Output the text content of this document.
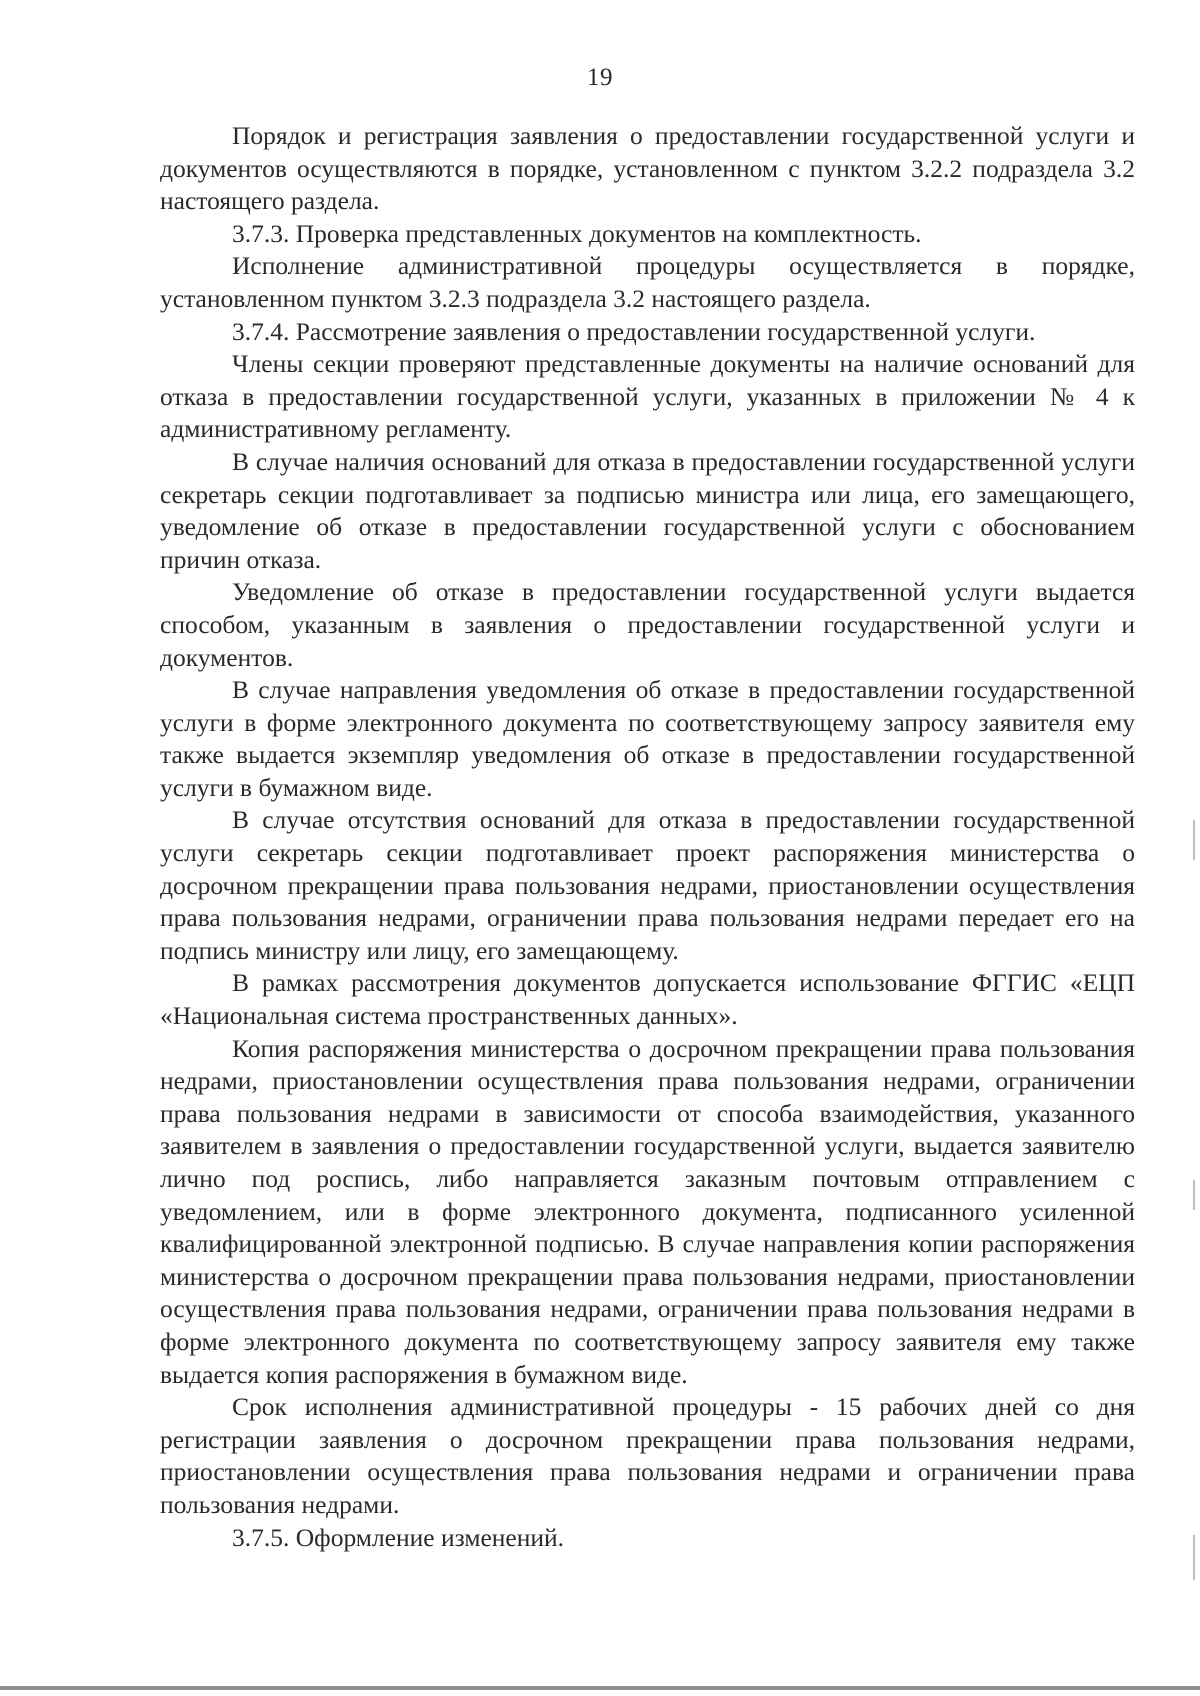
19

Порядок и регистрация заявления о предоставлении государственной услуги и документов осуществляются в порядке, установленном с пунктом 3.2.2 подраздела 3.2 настоящего раздела.

3.7.3. Проверка представленных документов на комплектность.

Исполнение административной процедуры осуществляется в порядке, установленном пунктом 3.2.3 подраздела 3.2 настоящего раздела.

3.7.4. Рассмотрение заявления о предоставлении государственной услуги.

Члены секции проверяют представленные документы на наличие оснований для отказа в предоставлении государственной услуги, указанных в приложении № 4 к административному регламенту.

В случае наличия оснований для отказа в предоставлении государственной услуги секретарь секции подготавливает за подписью министра или лица, его замещающего, уведомление об отказе в предоставлении государственной услуги с обоснованием причин отказа.

Уведомление об отказе в предоставлении государственной услуги выдается способом, указанным в заявления о предоставлении государственной услуги и документов.

В случае направления уведомления об отказе в предоставлении государственной услуги в форме электронного документа по соответствующему запросу заявителя ему также выдается экземпляр уведомления об отказе в предоставлении государственной услуги в бумажном виде.

В случае отсутствия оснований для отказа в предоставлении государственной услуги секретарь секции подготавливает проект распоряжения министерства о досрочном прекращении права пользования недрами, приостановлении осуществления права пользования недрами, ограничении права пользования недрами передает его на подпись министру или лицу, его замещающему.

В рамках рассмотрения документов допускается использование ФГГИС «ЕЦП «Национальная система пространственных данных».

Копия распоряжения министерства о досрочном прекращении права пользования недрами, приостановлении осуществления права пользования недрами, ограничении права пользования недрами в зависимости от способа взаимодействия, указанного заявителем в заявления о предоставлении государственной услуги, выдается заявителю лично под роспись, либо направляется заказным почтовым отправлением с уведомлением, или в форме электронного документа, подписанного усиленной квалифицированной электронной подписью. В случае направления копии распоряжения министерства о досрочном прекращении права пользования недрами, приостановлении осуществления права пользования недрами, ограничении права пользования недрами в форме электронного документа по соответствующему запросу заявителя ему также выдается копия распоряжения в бумажном виде.

Срок исполнения административной процедуры - 15 рабочих дней со дня регистрации заявления о досрочном прекращении права пользования недрами, приостановлении осуществления права пользования недрами и ограничении права пользования недрами.

3.7.5. Оформление изменений.
